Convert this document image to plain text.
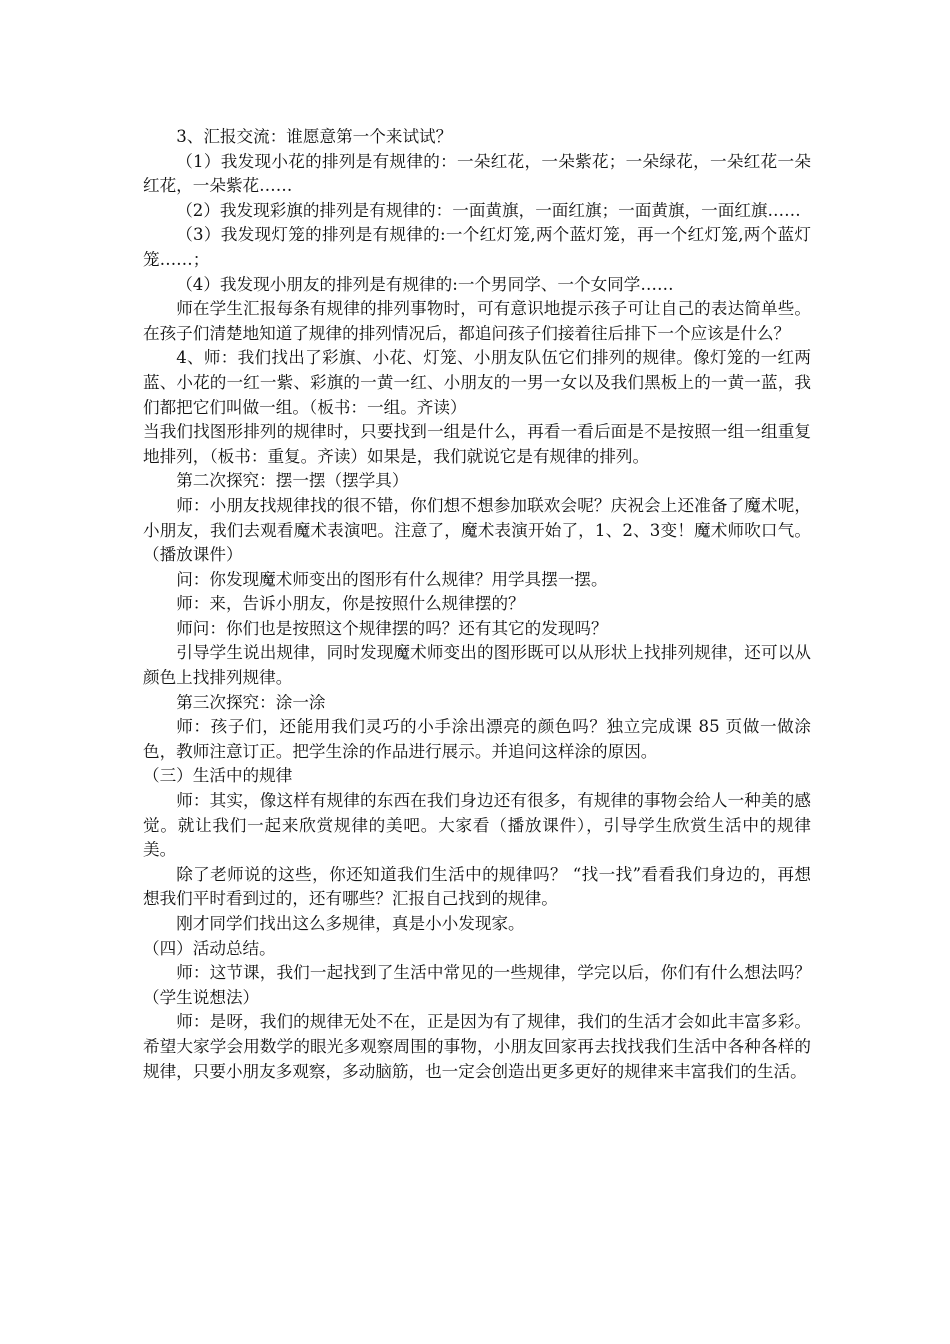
3、汇报交流：谁愿意第一个来试试？

（1）我发现小花的排列是有规律的：一朵红花，一朵紫花；一朵绿花，一朵红花一朵红花，一朵紫花……

（2）我发现彩旗的排列是有规律的：一面黄旗，一面红旗；一面黄旗，一面红旗……

（3）我发现灯笼的排列是有规律的:一个红灯笼,两个蓝灯笼，再一个红灯笼,两个蓝灯笼……；

（4）我发现小朋友的排列是有规律的:一个男同学、一个女同学……

师在学生汇报每条有规律的排列事物时，可有意识地提示孩子可让自己的表达简单些。在孩子们清楚地知道了规律的排列情况后，都追问孩子们接着往后排下一个应该是什么？

4、师：我们找出了彩旗、小花、灯笼、小朋友队伍它们排列的规律。像灯笼的一红两蓝、小花的一红一紫、彩旗的一黄一红、小朋友的一男一女以及我们黑板上的一黄一蓝，我们都把它们叫做一组。（板书：一组。齐读）

当我们找图形排列的规律时，只要找到一组是什么，再看一看后面是不是按照一组一组重复地排列，（板书：重复。齐读）如果是，我们就说它是有规律的排列。

第二次探究：摆一摆（摆学具）

师：小朋友找规律找的很不错，你们想不想参加联欢会呢？庆祝会上还准备了魔术呢，小朋友，我们去观看魔术表演吧。注意了，魔术表演开始了，1、2、3变！魔术师吹口气。（播放课件）

问：你发现魔术师变出的图形有什么规律？用学具摆一摆。

师：来，告诉小朋友，你是按照什么规律摆的？

师问：你们也是按照这个规律摆的吗？还有其它的发现吗？

引导学生说出规律，同时发现魔术师变出的图形既可以从形状上找排列规律，还可以从颜色上找排列规律。

第三次探究：涂一涂

师：孩子们，还能用我们灵巧的小手涂出漂亮的颜色吗？独立完成课 85 页做一做涂色，教师注意订正。把学生涂的作品进行展示。并追问这样涂的原因。

（三）生活中的规律

师：其实，像这样有规律的东西在我们身边还有很多，有规律的事物会给人一种美的感觉。就让我们一起来欣赏规律的美吧。大家看（播放课件），引导学生欣赏生活中的规律美。

除了老师说的这些，你还知道我们生活中的规律吗？ “找一找”看看我们身边的，再想想我们平时看到过的，还有哪些？汇报自己找到的规律。

刚才同学们找出这么多规律，真是小小发现家。

（四）活动总结。

师：这节课，我们一起找到了生活中常见的一些规律，学完以后，你们有什么想法吗？（学生说想法）

师：是呀，我们的规律无处不在，正是因为有了规律，我们的生活才会如此丰富多彩。希望大家学会用数学的眼光多观察周围的事物，小朋友回家再去找找我们生活中各种各样的规律，只要小朋友多观察，多动脑筋，也一定会创造出更多更好的规律来丰富我们的生活。
